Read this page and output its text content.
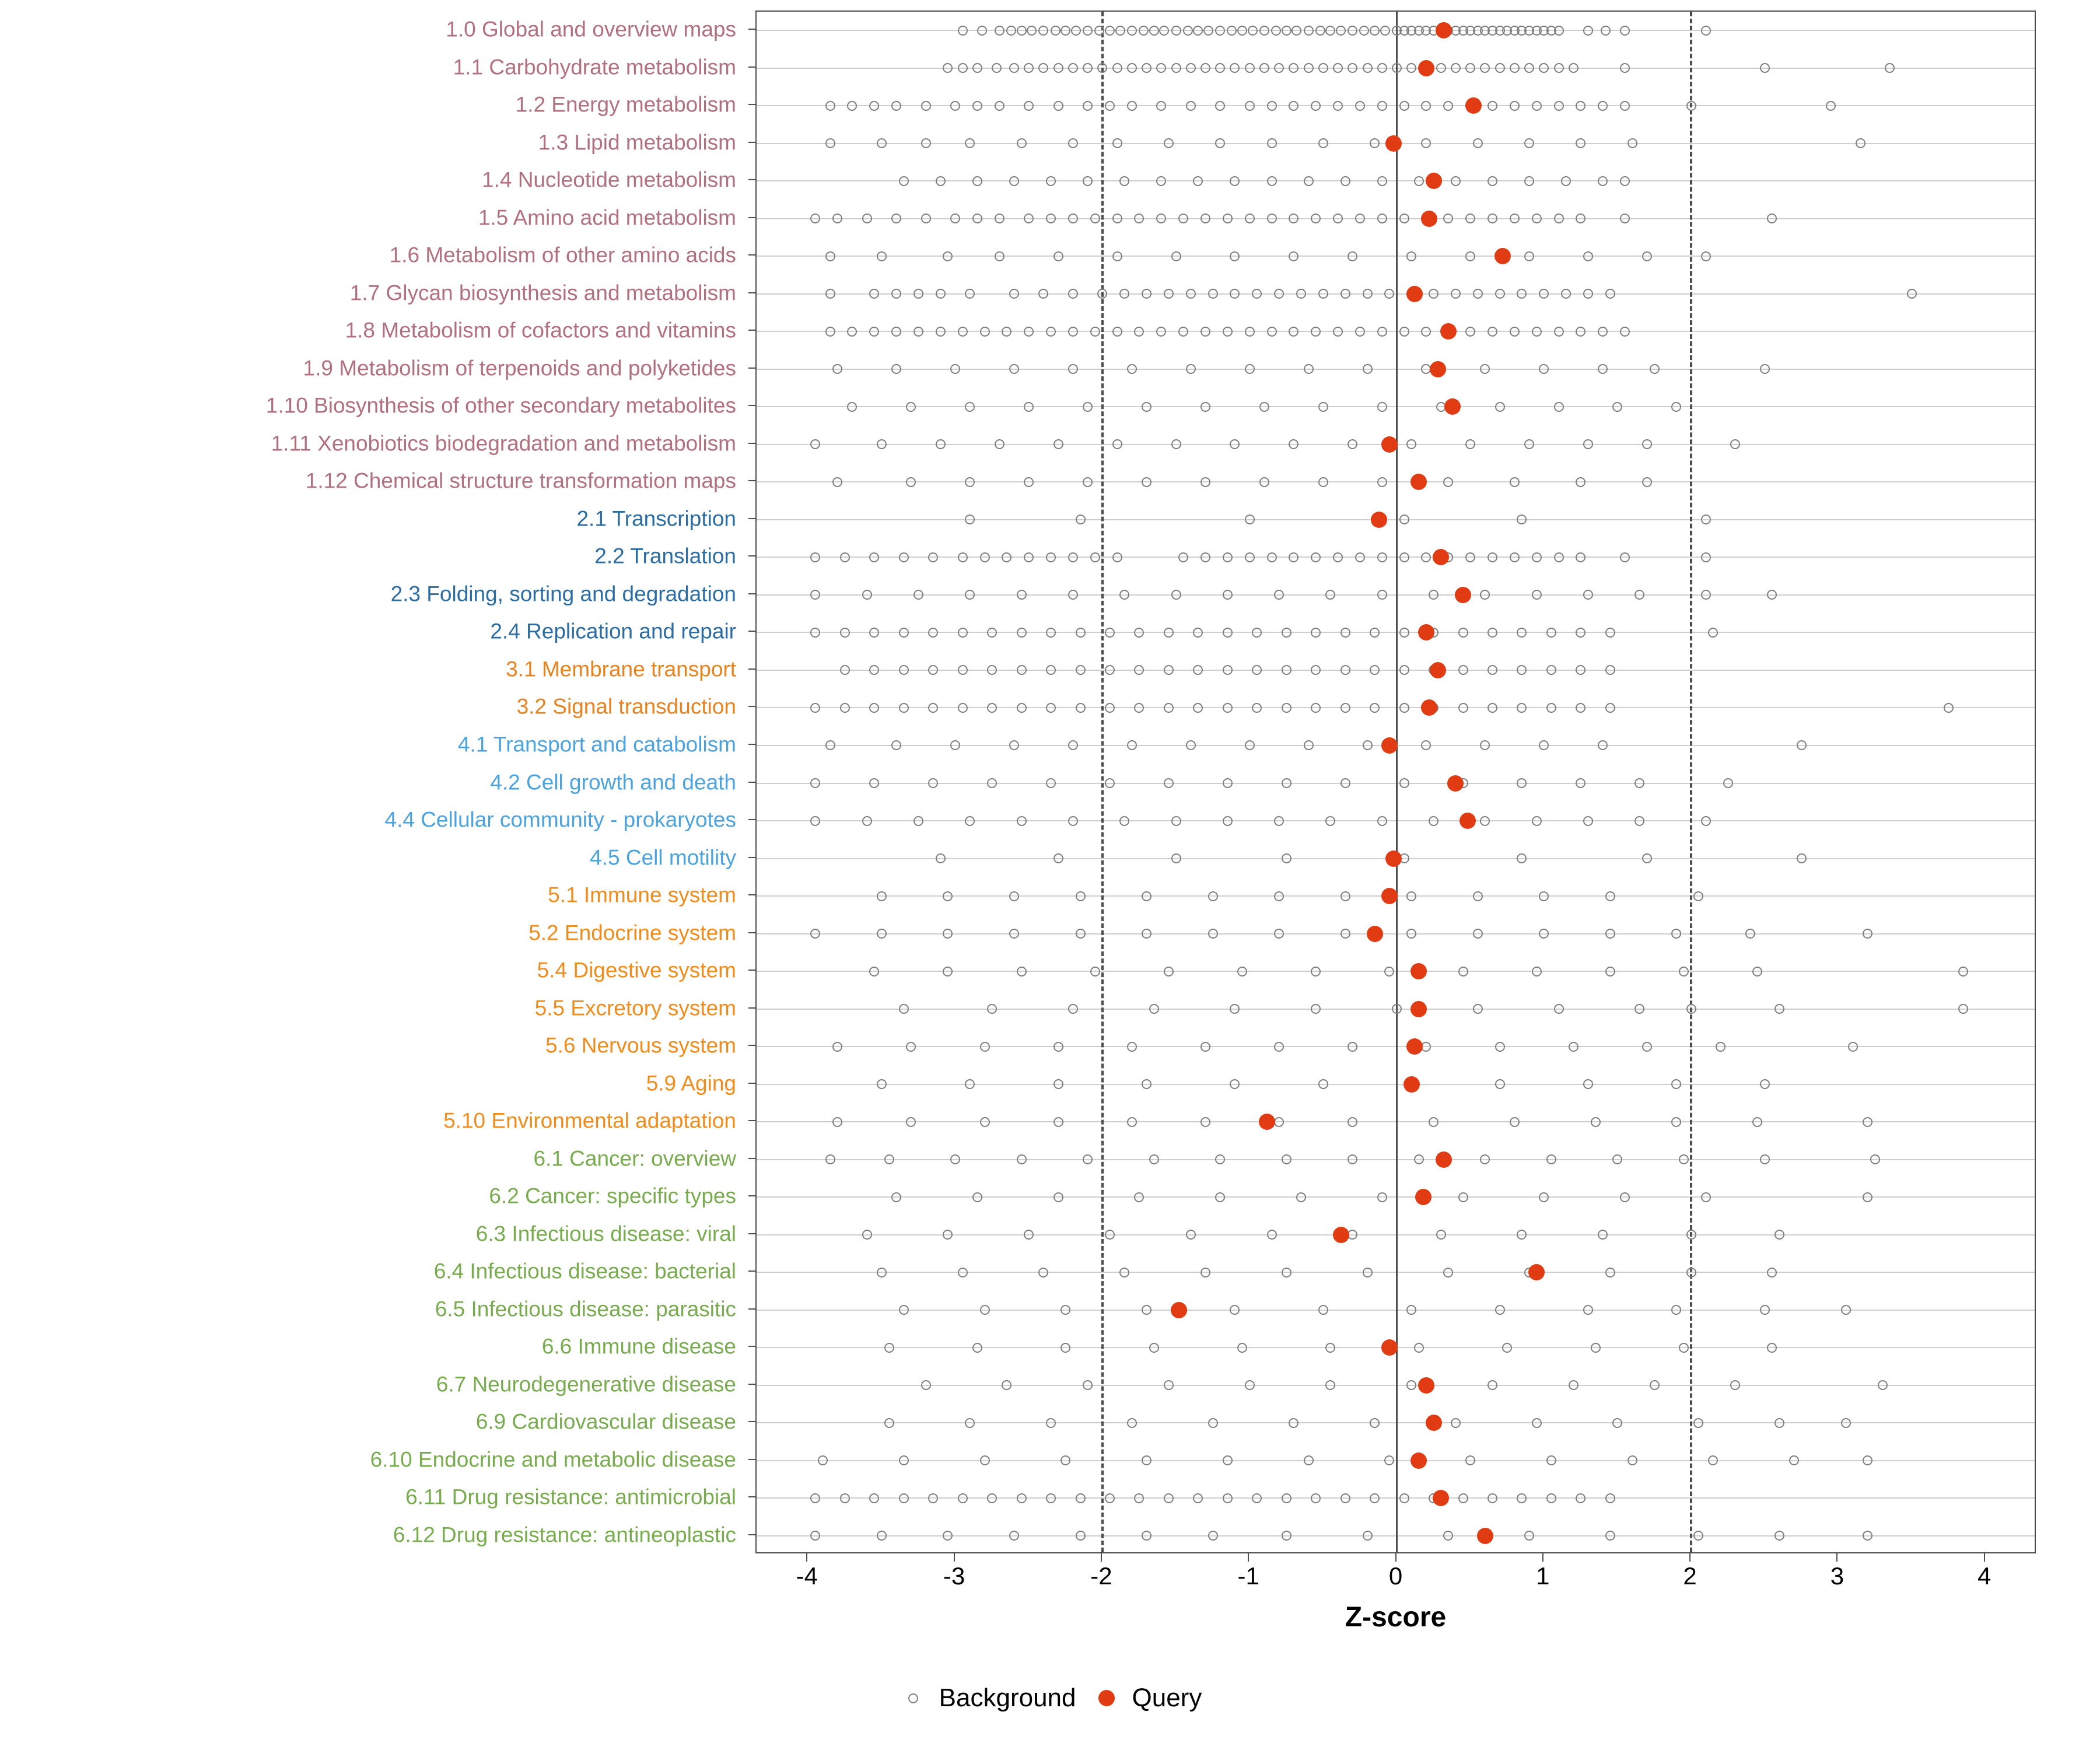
1.0 Global and overview maps
1.1 Carbohydrate metabolism
1.2 Energy metabolism
1.3 Lipid metabolism
1.4 Nucleotide metabolism
1.5 Amino acid metabolism
1.6 Metabolism of other amino acids
1.7 Glycan biosynthesis and metabolism
1.8 Metabolism of cofactors and vitamins
1.9 Metabolism of terpenoids and polyketides
1.10 Biosynthesis of other secondary metabolites
1.11 Xenobiotics biodegradation and metabolism
1.12 Chemical structure transformation maps
2.1 Transcription
2.2 Translation
2.3 Folding, sorting and degradation
2.4 Replication and repair
3.1 Membrane transport
3.2 Signal transduction
4.1 Transport and catabolism
4.2 Cell growth and death
4.4 Cellular community - prokaryotes
4.5 Cell motility
5.1 Immune system
5.2 Endocrine system
5.4 Digestive system
5.5 Excretory system
5.6 Nervous system
5.9 Aging
5.10 Environmental adaptation
6.1 Cancer: overview
6.2 Cancer: specific types
6.3 Infectious disease: viral
6.4 Infectious disease: bacterial
6.5 Infectious disease: parasitic
6.6 Immune disease
6.7 Neurodegenerative disease
6.9 Cardiovascular disease
6.10 Endocrine and metabolic disease
6.11 Drug resistance: antimicrobial
6.12 Drug resistance: antineoplastic
-4	-3	-2	-1	0	1	2	3	4
Z-score
Background Query
